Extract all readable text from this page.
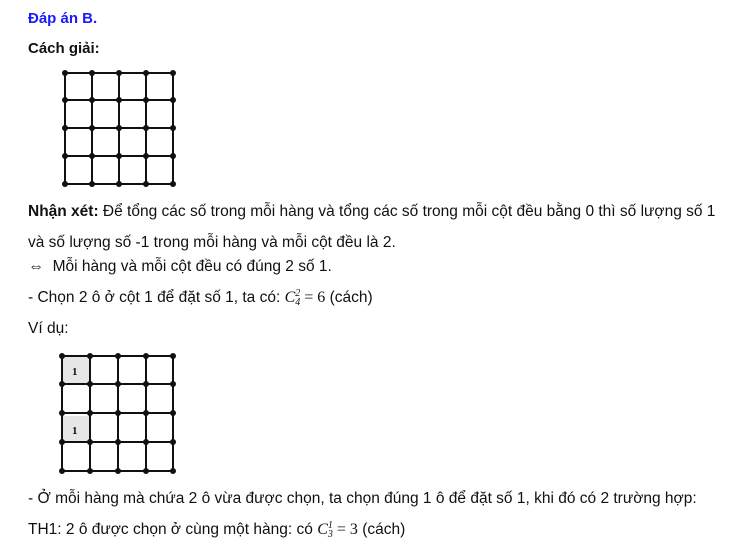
Đáp án B.
Cách giải:
Nhận xét: Để tổng các số trong mỗi hàng và tổng các số trong mỗi cột đều bằng 0 thì số lượng số 1 và số lượng số -1 trong mỗi hàng và mỗi cột đều là 2.
⇔ Mỗi hàng và mỗi cột đều có đúng 2 số 1.
- Chọn 2 ô ở cột 1 để đặt số 1, ta có: C 2
4 = 6 (cách)
Ví dụ:
1
1
- Ở mỗi hàng mà chứa 2 ô vừa được chọn, ta chọn đúng 1 ô để đặt số 1, khi đó có 2 trường hợp:
TH1: 2 ô được chọn ở cùng một hàng: có C 1
3 = 3 (cách)
